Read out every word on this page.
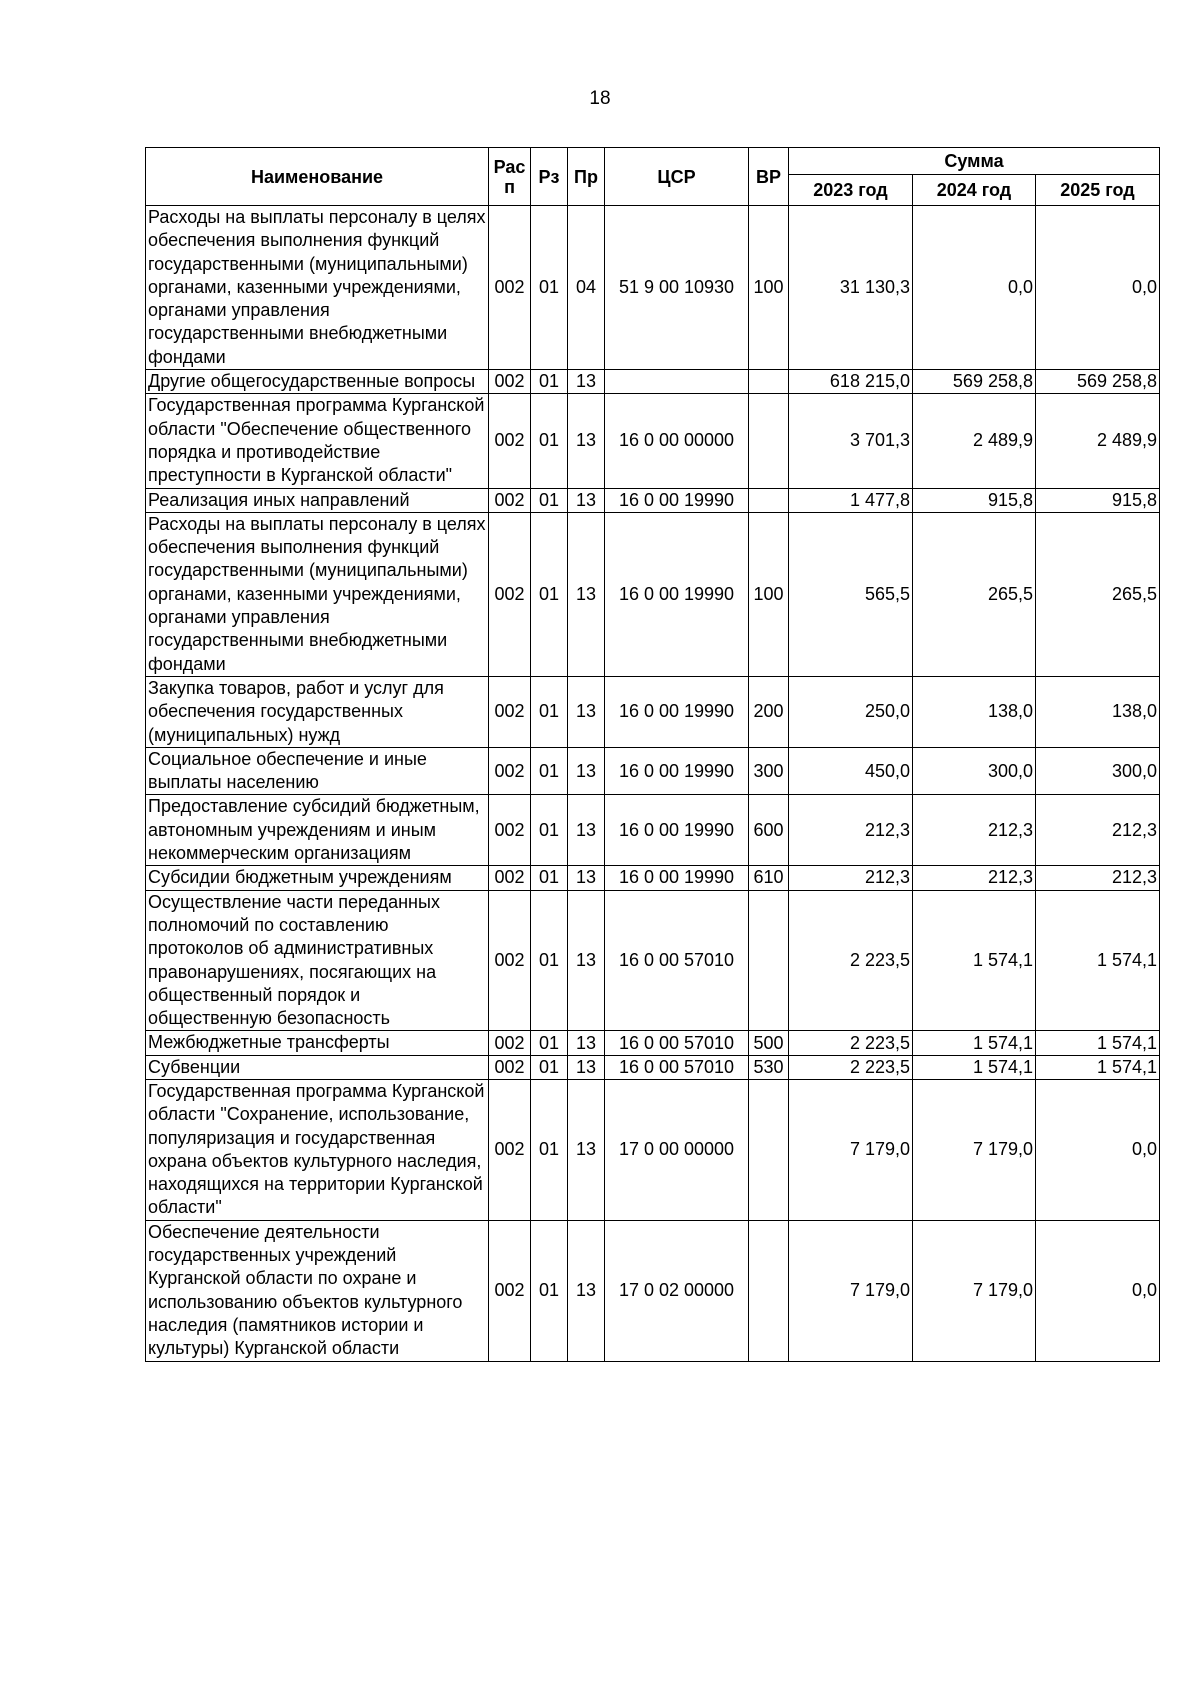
18
Наименование	Рас п	Рз	Пр	ЦСР	ВР	Сумма		
						2023 год	2024 год	2025 год
Расходы на выплаты персоналу в целях обеспечения выполнения функций государственными (муниципальными) органами, казенными учреждениями, органами управления государственными внебюджетными фондами	002	01	04	51 9 00 10930	100	31 130,3	0,0	0,0
Другие общегосударственные вопросы	002	01	13			618 215,0	569 258,8	569 258,8
Государственная программа Курганской области "Обеспечение общественного порядка и противодействие преступности в Курганской области"	002	01	13	16 0 00 00000		3 701,3	2 489,9	2 489,9
Реализация иных направлений	002	01	13	16 0 00 19990		1 477,8	915,8	915,8
Расходы на выплаты персоналу в целях обеспечения выполнения функций государственными (муниципальными) органами, казенными учреждениями, органами управления государственными внебюджетными фондами	002	01	13	16 0 00 19990	100	565,5	265,5	265,5
Закупка товаров, работ и услуг для обеспечения государственных (муниципальных) нужд	002	01	13	16 0 00 19990	200	250,0	138,0	138,0
Социальное обеспечение и иные выплаты населению	002	01	13	16 0 00 19990	300	450,0	300,0	300,0
Предоставление субсидий бюджетным, автономным учреждениям и иным некоммерческим организациям	002	01	13	16 0 00 19990	600	212,3	212,3	212,3
Субсидии бюджетным учреждениям	002	01	13	16 0 00 19990	610	212,3	212,3	212,3
Осуществление части переданных полномочий по составлению протоколов об административных правонарушениях, посягающих на общественный порядок и общественную безопасность	002	01	13	16 0 00 57010		2 223,5	1 574,1	1 574,1
Межбюджетные трансферты	002	01	13	16 0 00 57010	500	2 223,5	1 574,1	1 574,1
Субвенции	002	01	13	16 0 00 57010	530	2 223,5	1 574,1	1 574,1
Государственная программа Курганской области "Сохранение, использование, популяризация и государственная охрана объектов культурного наследия, находящихся на территории Курганской области"	002	01	13	17 0 00 00000		7 179,0	7 179,0	0,0
Обеспечение деятельности государственных учреждений Курганской области по охране и использованию объектов культурного наследия (памятников истории и культуры) Курганской области	002	01	13	17 0 02 00000		7 179,0	7 179,0	0,0
